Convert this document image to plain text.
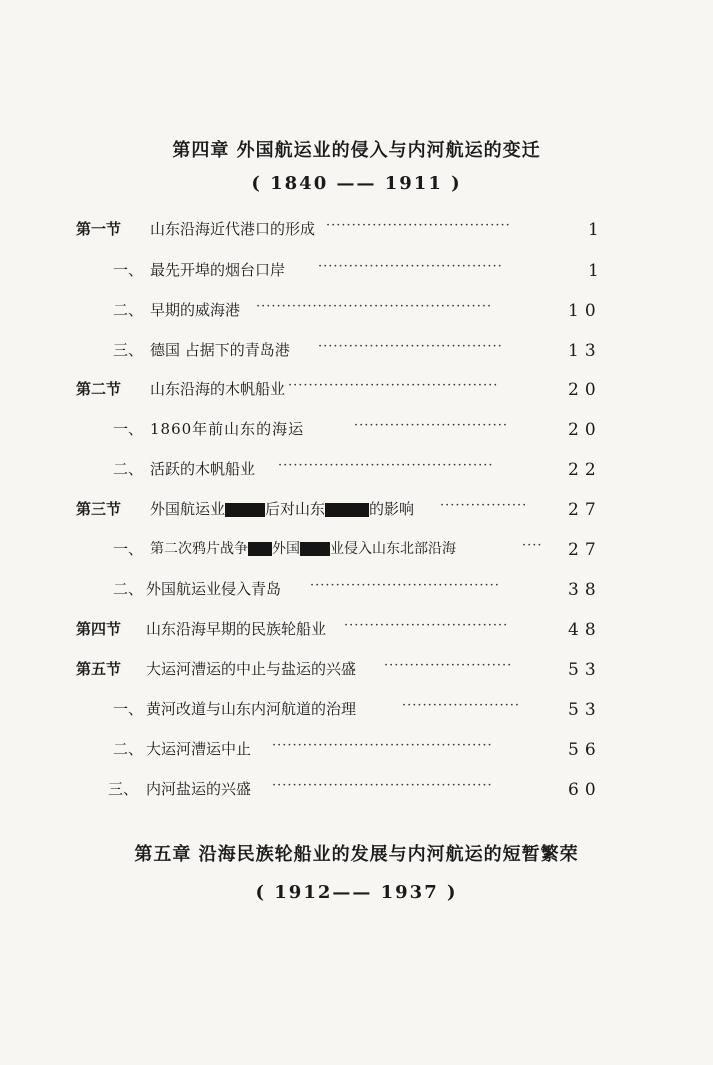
第四章 外国航运业的侵入与内河航运的变迁
( 1840 —— 1911 )
第一节 山东沿海近代港口的形成 ····································	1
一、 最先开埠的烟台口岸	····································	1
二、 早期的威海港 ··············································	10
三、 德国 占据下的青岛港 ····································	13
第二节 山东沿海的木帆船业 ·········································	20
一、 1860年前山东的海运	······························	20
二、 活跃的木帆船业 ··········································	22
第三节 外国航运业	后对山东	的影响 ·················	27
一、 第二次鸦片战争 外国 业侵入山东北部沿海	····	27
二、 外国航运业侵入青岛 ·····································	38
第四节 山东沿海早期的民族轮船业 ································	48
第五节 大运河漕运的中止与盐运的兴盛 ·························	53
一、 黄河改道与山东内河航道的治理	·······················	53
二、 大运河漕运中止 ···········································	56
三、 内河盐运的兴盛 ···········································	60
第五章 沿海民族轮船业的发展与内河航运的短暂繁荣
( 1912—— 1937 )
